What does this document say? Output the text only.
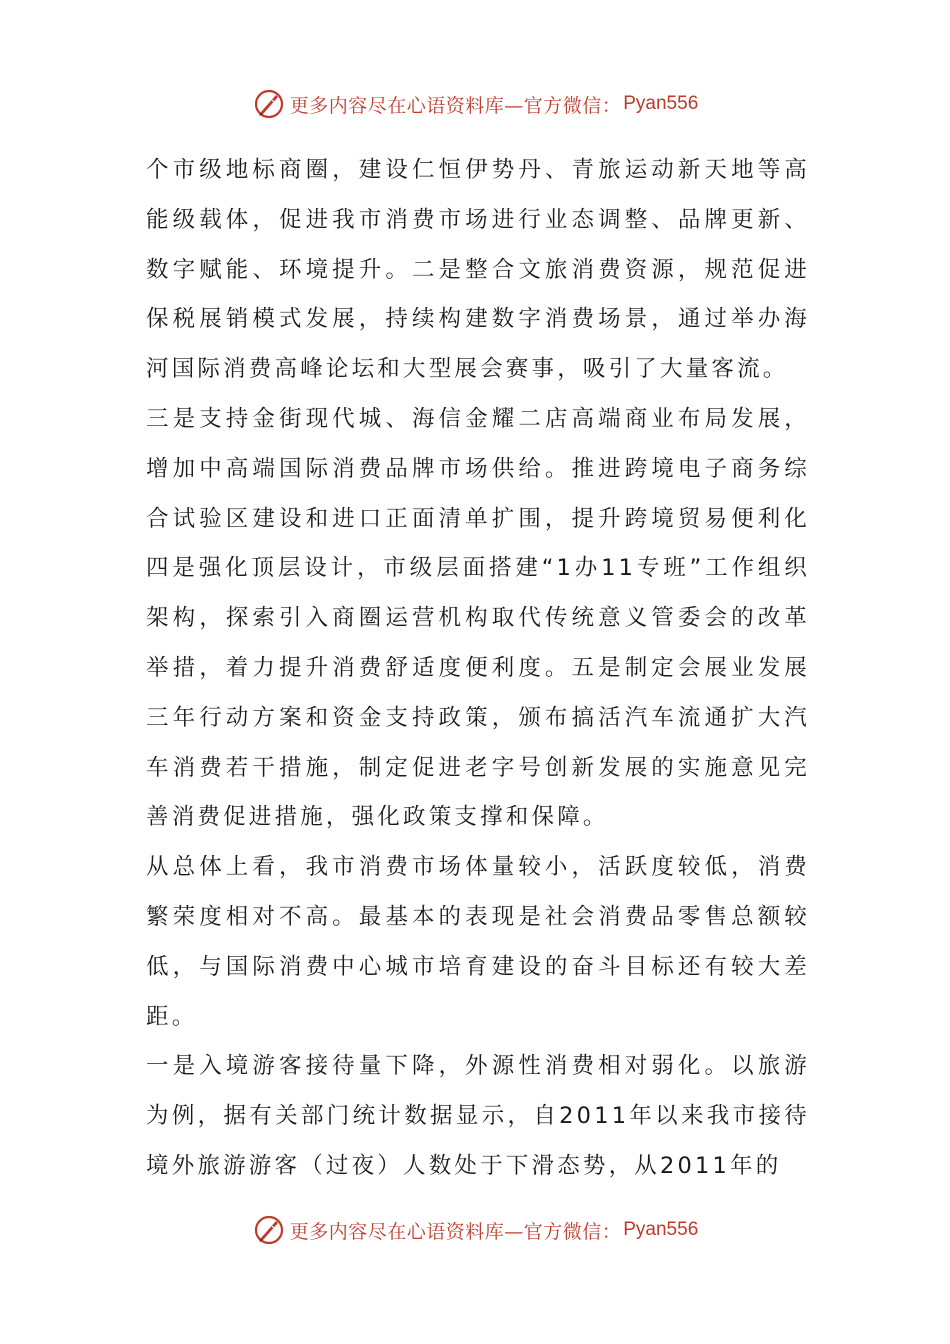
更多内容尽在心语资料库—官方微信： Pyan556

个市级地标商圈，建设仁恒伊势丹、青旅运动新天地等高能级载体，促进我市消费市场进行业态调整、品牌更新、数字赋能、环境提升。二是整合文旅消费资源，规范促进保税展销模式发展，持续构建数字消费场景，通过举办海河国际消费高峰论坛和大型展会赛事，吸引了大量客流。

三是支持金街现代城、海信金耀二店高端商业布局发展，增加中高端国际消费品牌市场供给。推进跨境电子商务综合试验区建设和进口正面清单扩围，提升跨境贸易便利化四是强化顶层设计，市级层面搭建“1办11专班”工作组织架构，探索引入商圈运营机构取代传统意义管委会的改革举措，着力提升消费舒适度便利度。五是制定会展业发展三年行动方案和资金支持政策，颁布搞活汽车流通扩大汽车消费若干措施，制定促进老字号创新发展的实施意见完善消费促进措施，强化政策支撑和保障。

从总体上看，我市消费市场体量较小，活跃度较低，消费繁荣度相对不高。最基本的表现是社会消费品零售总额较低，与国际消费中心城市培育建设的奋斗目标还有较大差距。

一是入境游客接待量下降，外源性消费相对弱化。以旅游为例，据有关部门统计数据显示，自2011年以来我市接待境外旅游游客（过夜）人数处于下滑态势，从2011年的

更多内容尽在心语资料库—官方微信： Pyan556
